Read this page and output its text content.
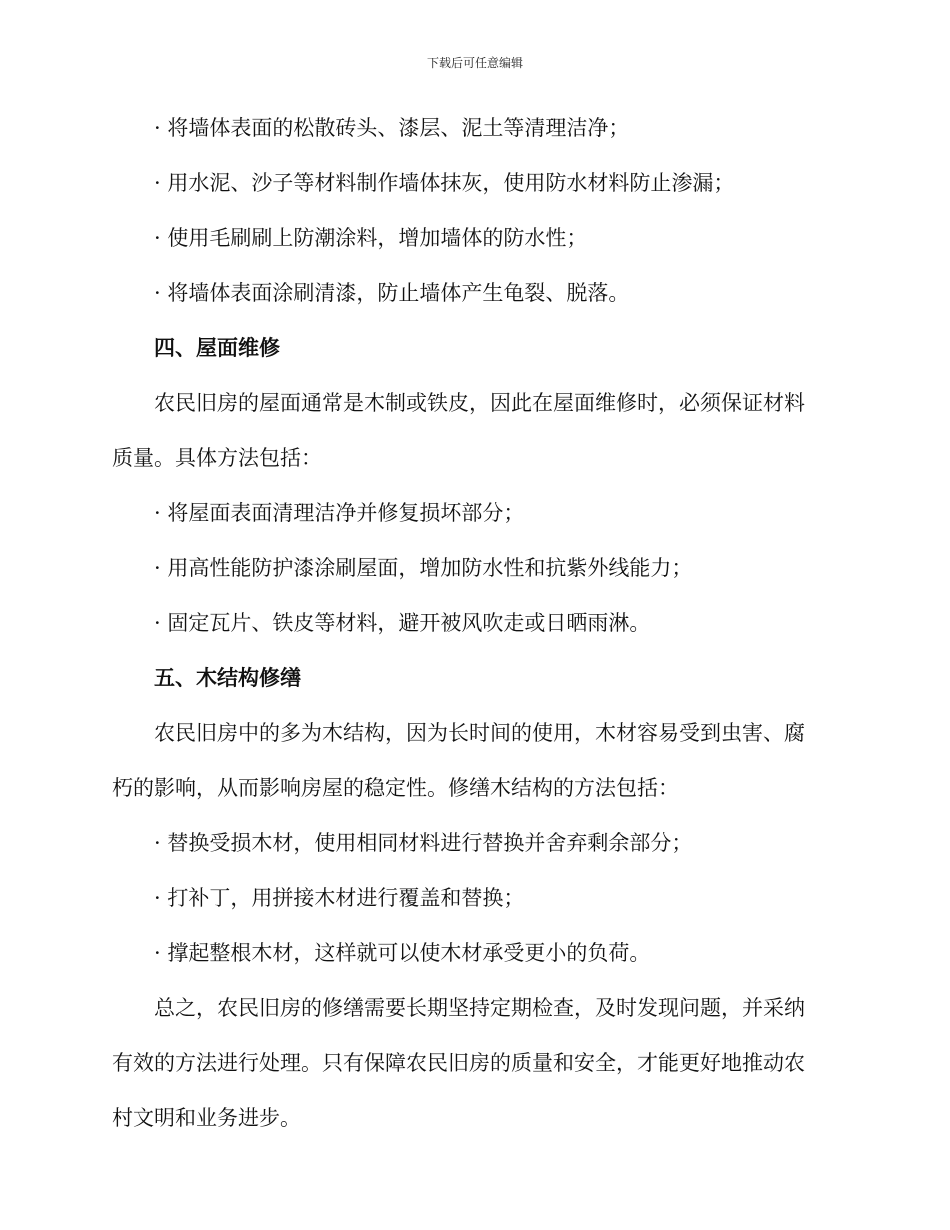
下载后可任意编辑
· 将墙体表面的松散砖头、漆层、泥土等清理洁净；
· 用水泥、沙子等材料制作墙体抹灰，使用防水材料防止渗漏；
· 使用毛刷刷上防潮涂料，增加墙体的防水性；
· 将墙体表面涂刷清漆，防止墙体产生龟裂、脱落。
四、屋面维修
农民旧房的屋面通常是木制或铁皮，因此在屋面维修时，必须保证材料
质量。具体方法包括：
· 将屋面表面清理洁净并修复损坏部分；
· 用高性能防护漆涂刷屋面，增加防水性和抗紫外线能力；
· 固定瓦片、铁皮等材料，避开被风吹走或日晒雨淋。
五、木结构修缮
农民旧房中的多为木结构，因为长时间的使用，木材容易受到虫害、腐
朽的影响，从而影响房屋的稳定性。修缮木结构的方法包括：
· 替换受损木材，使用相同材料进行替换并舍弃剩余部分；
· 打补丁，用拼接木材进行覆盖和替换；
· 撑起整根木材，这样就可以使木材承受更小的负荷。
总之，农民旧房的修缮需要长期坚持定期检查，及时发现问题，并采纳
有效的方法进行处理。只有保障农民旧房的质量和安全，才能更好地推动农
村文明和业务进步。
